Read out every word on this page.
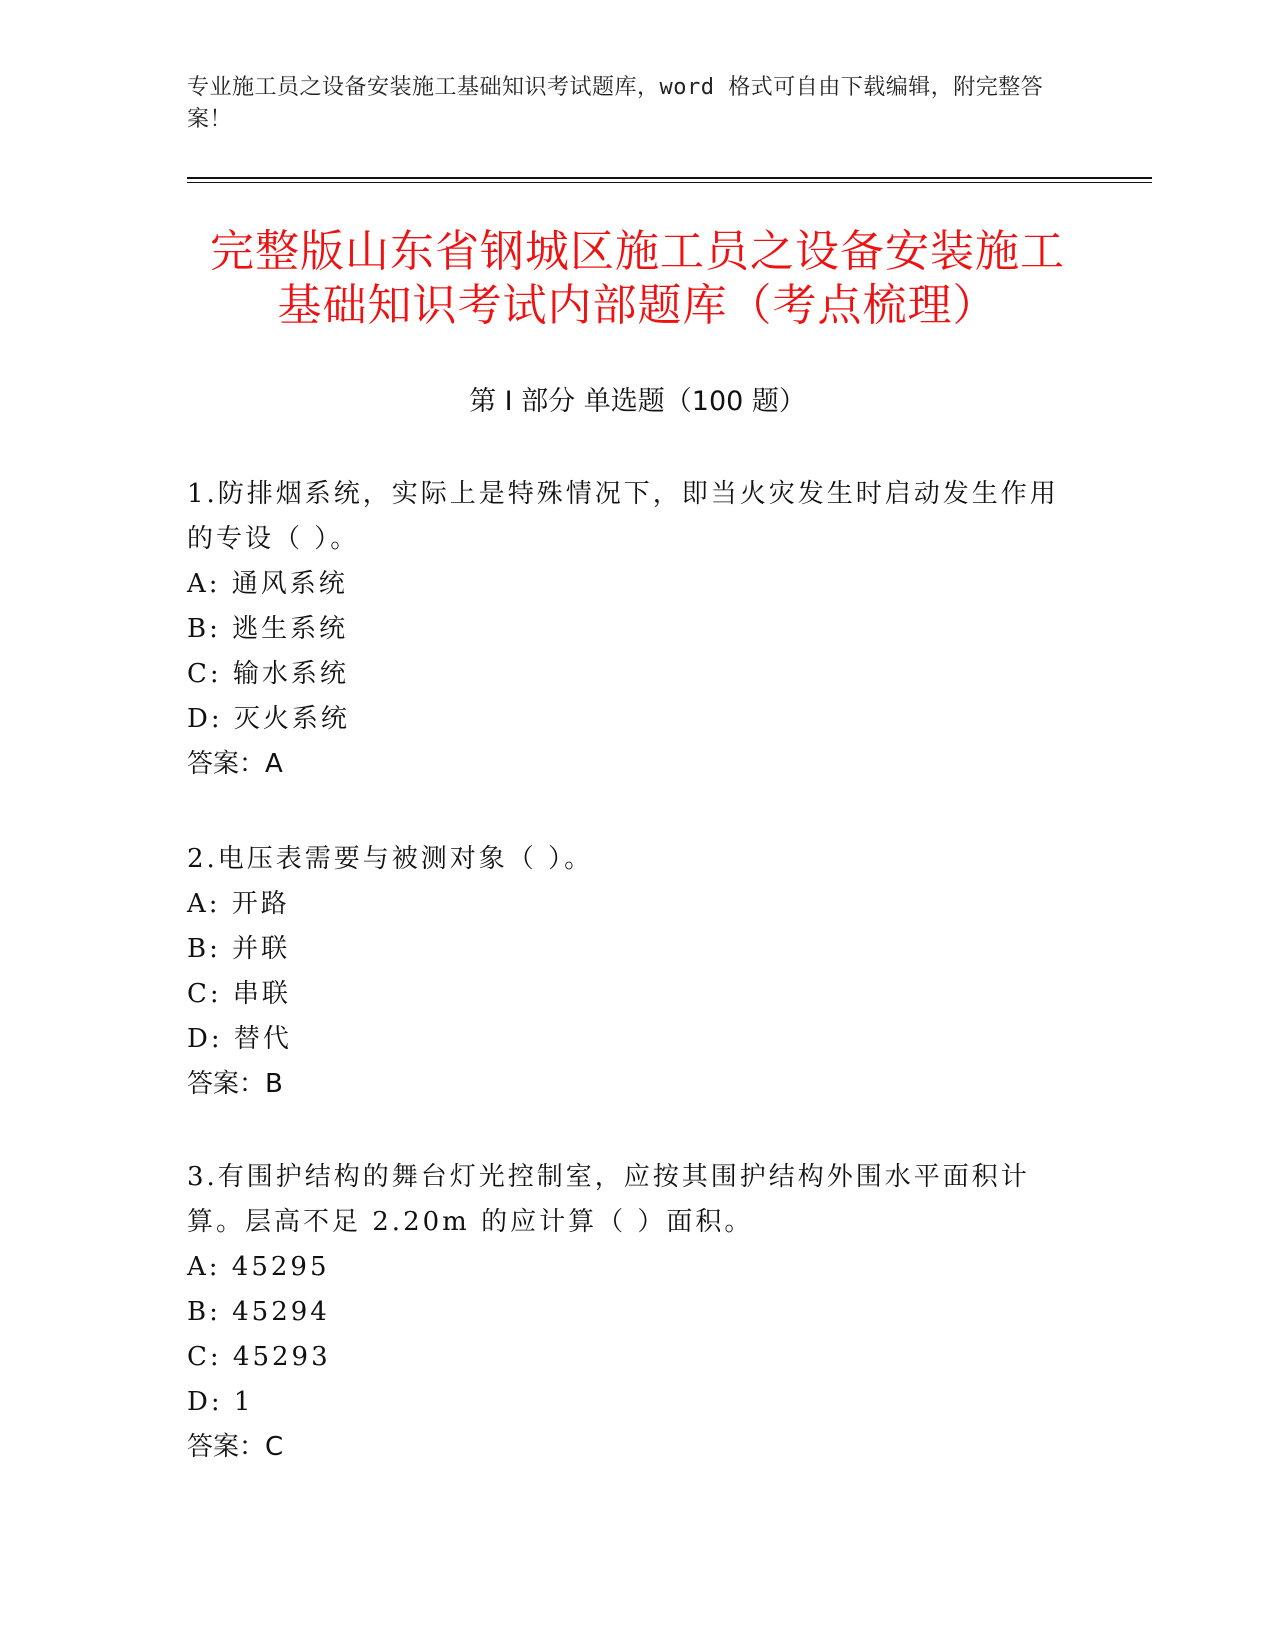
专业施工员之设备安装施工基础知识考试题库，word 格式可自由下载编辑，附完整答案！
完整版山东省钢城区施工员之设备安装施工
基础知识考试内部题库（考点梳理）
第 I 部分 单选题（100 题）

1.防排烟系统，实际上是特殊情况下，即当火灾发生时启动发生作用的专设（ ）。

A: 通风系统

B: 逃生系统

C: 输水系统

D: 灭火系统

答案：A

2.电压表需要与被测对象（ ）。

A: 开路

B: 并联

C: 串联

D: 替代

答案：B

3.有围护结构的舞台灯光控制室，应按其围护结构外围水平面积计算。层高不足 2.20m 的应计算（ ）面积。

A: 45295

B: 45294

C: 45293

D: 1

答案：C
